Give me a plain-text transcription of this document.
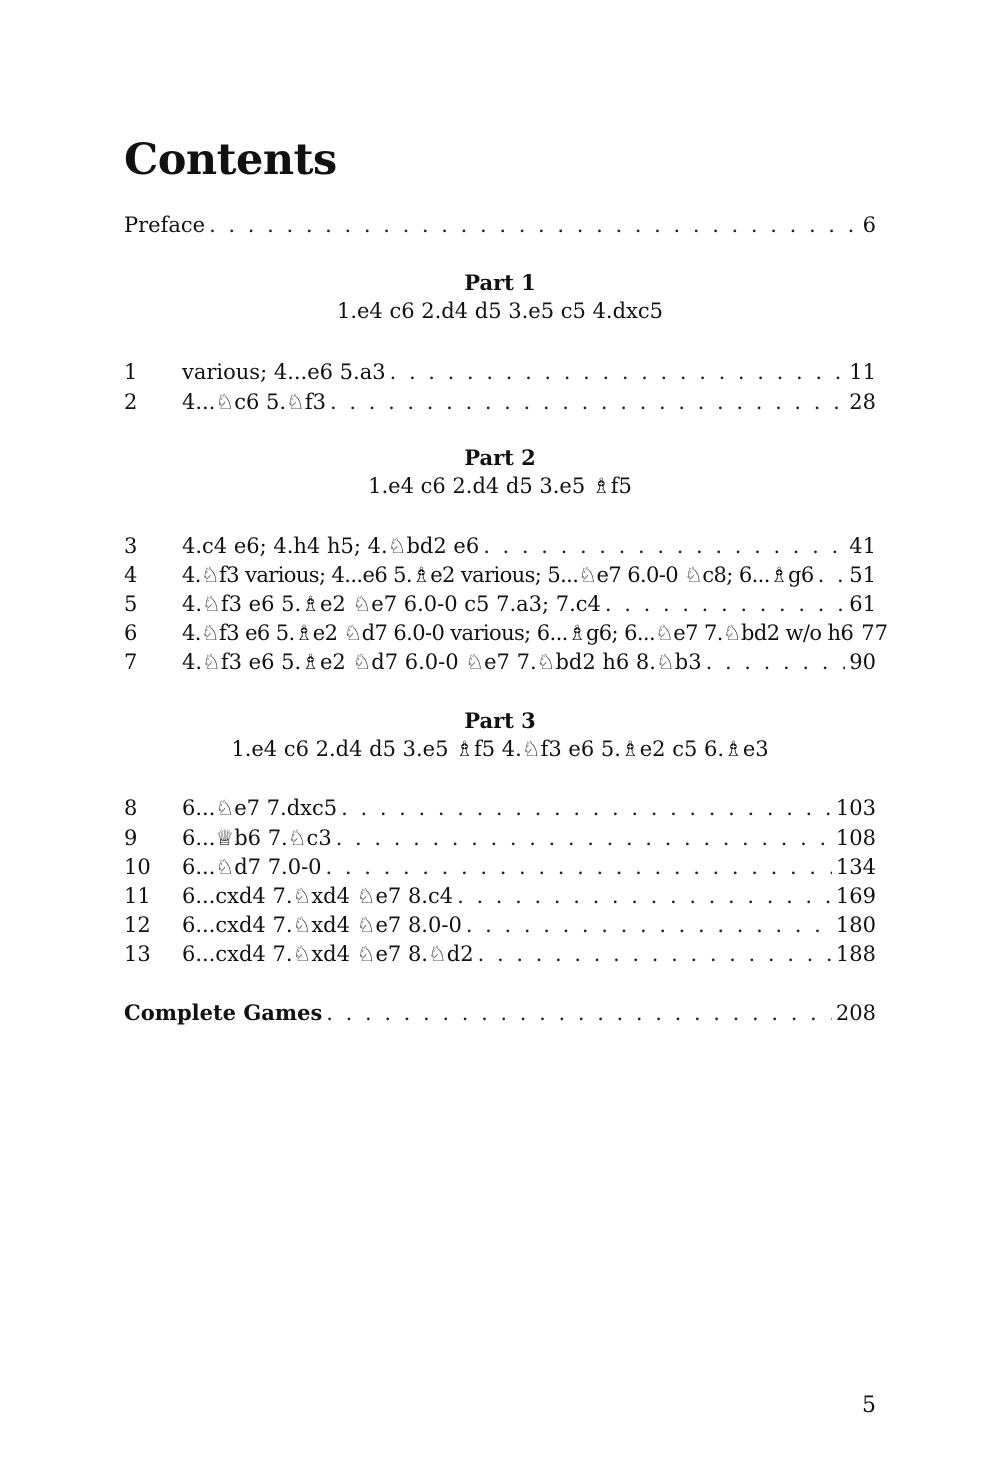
Contents
Preface . . .	6
Part 1
1.e4 c6 2.d4 d5 3.e5 c5 4.dxc5
1	various; 4...e6 5.a3 . . .	11
2	4...♘c6 5.♘f3 . . .	28
Part 2
1.e4 c6 2.d4 d5 3.e5 ♗f5
3	4.c4 e6; 4.h4 h5; 4.♘bd2 e6 . . .	41
4	4.♘f3 various; 4...e6 5.♗e2 various; 5...♘e7 6.0-0 ♘c8; 6...♗g6 . . . 51
5	4.♘f3 e6 5.♗e2 ♘e7 6.0-0 c5 7.a3; 7.c4 . . .	61
6	4.♘f3 e6 5.♗e2 ♘d7 6.0-0 various; 6...♗g6; 6...♘e7 7.♘bd2 w/o h6 77
7	4.♘f3 e6 5.♗e2 ♘d7 6.0-0 ♘e7 7.♘bd2 h6 8.♘b3 . . .	90
Part 3
1.e4 c6 2.d4 d5 3.e5 ♗f5 4.♘f3 e6 5.♗e2 c5 6.♗e3
8	6...♘e7 7.dxc5 . . .	103
9	6...♕b6 7.♘c3 . . .	108
10	6...♘d7 7.0-0 . . .	134
11	6...cxd4 7.♘xd4 ♘e7 8.c4 . . .	169
12	6...cxd4 7.♘xd4 ♘e7 8.0-0 . . .	180
13	6...cxd4 7.♘xd4 ♘e7 8.♘d2 . . .	188
Complete Games . . .	208
5
